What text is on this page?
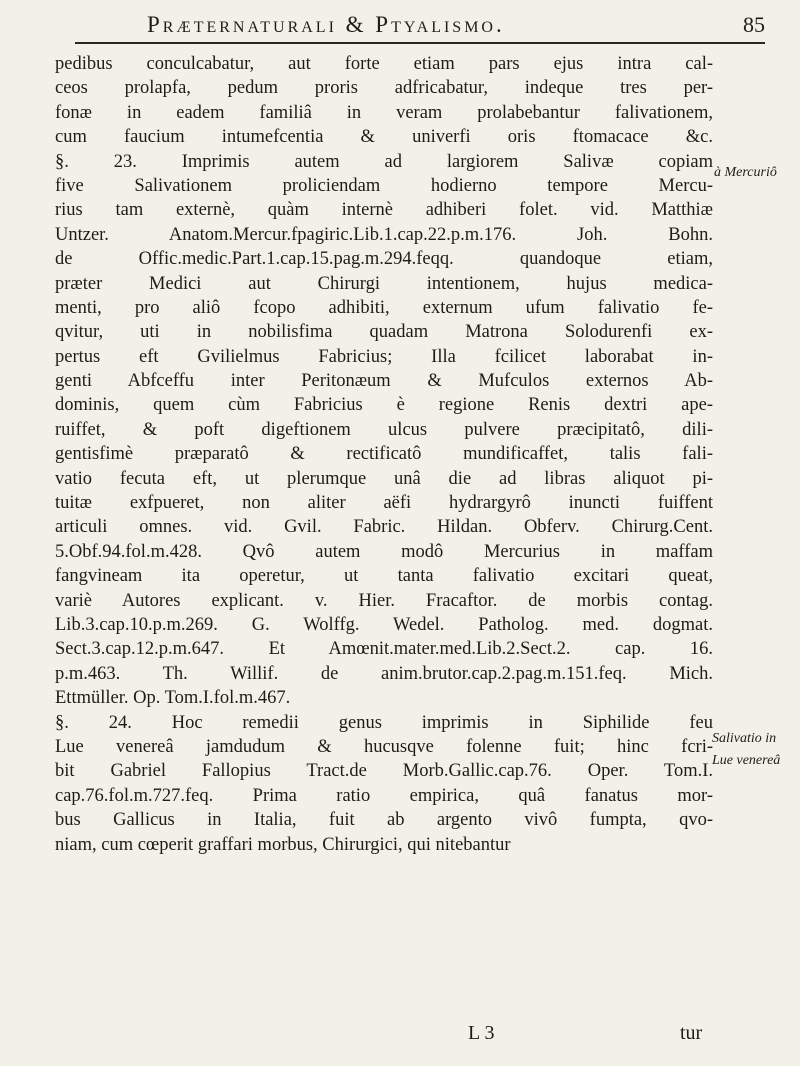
Præternaturali & Ptyalismo.	85
pedibus conculcabatur, aut forte etiam pars ejus intra cal-
ceos prolapfa, pedum proris adfricabatur, indeque tres per-
fonæ in eadem familiâ in veram prolabebantur falivationem,
cum faucium intumefcentia & univerfi oris ftomacace &c.
§. 23. Imprimis autem ad largiorem Salivæ copiam
five Salivationem proliciendam hodierno tempore Mercu-
rius tam externè, quàm internè adhiberi folet. vid. Matthiæ
Untzer. Anatom.Mercur.fpagiric.Lib.1.cap.22.p.m.176. Joh. Bohn.
de Offic.medic.Part.1.cap.15.pag.m.294.feqq. quandoque etiam,
præter Medici aut Chirurgi intentionem, hujus medica-
menti, pro aliô fcopo adhibiti, externum ufum falivatio fe-
qvitur, uti in nobilisfima quadam Matrona Solodurenfi ex-
pertus eft Gvilielmus Fabricius; Illa fcilicet laborabat in-
genti Abfceffu inter Peritonæum & Mufculos externos Ab-
dominis, quem cùm Fabricius è regione Renis dextri ape-
ruiffet, & poft digeftionem ulcus pulvere præcipitatô, dili-
gentisfimè præparatô & rectificatô mundificaffet, talis fali-
vatio fecuta eft, ut plerumque unâ die ad libras aliquot pi-
tuitæ exfpueret, non aliter aëfi hydrargyrô inuncti fuiffent
articuli omnes. vid. Gvil. Fabric. Hildan. Obferv. Chirurg.Cent.
5.Obf.94.fol.m.428. Qvô autem modô Mercurius in maffam
fangvineam ita operetur, ut tanta falivatio excitari queat,
variè Autores explicant. v. Hier. Fracaftor. de morbis contag.
Lib.3.cap.10.p.m.269. G. Wolffg. Wedel. Patholog. med. dogmat.
Sect.3.cap.12.p.m.647. Et Amœnit.mater.med.Lib.2.Sect.2. cap. 16.
p.m.463. Th. Willif. de anim.brutor.cap.2.pag.m.151.feq. Mich.
Ettmüller. Op. Tom.I.fol.m.467.
§. 24. Hoc remedii genus imprimis in Siphilide feu
Lue venereâ jamdudum & hucusqve folenne fuit; hinc fcri-
bit Gabriel Fallopius Tract.de Morb.Gallic.cap.76. Oper. Tom.I.
cap.76.fol.m.727.feq. Prima ratio empirica, quâ fanatus mor-
bus Gallicus in Italia, fuit ab argento vivô fumpta, qvo-
niam, cum cœperit graffari morbus, Chirurgici, qui nitebantur
à Mercuriô
Salivatio in
Lue venereâ
L 3	tur
